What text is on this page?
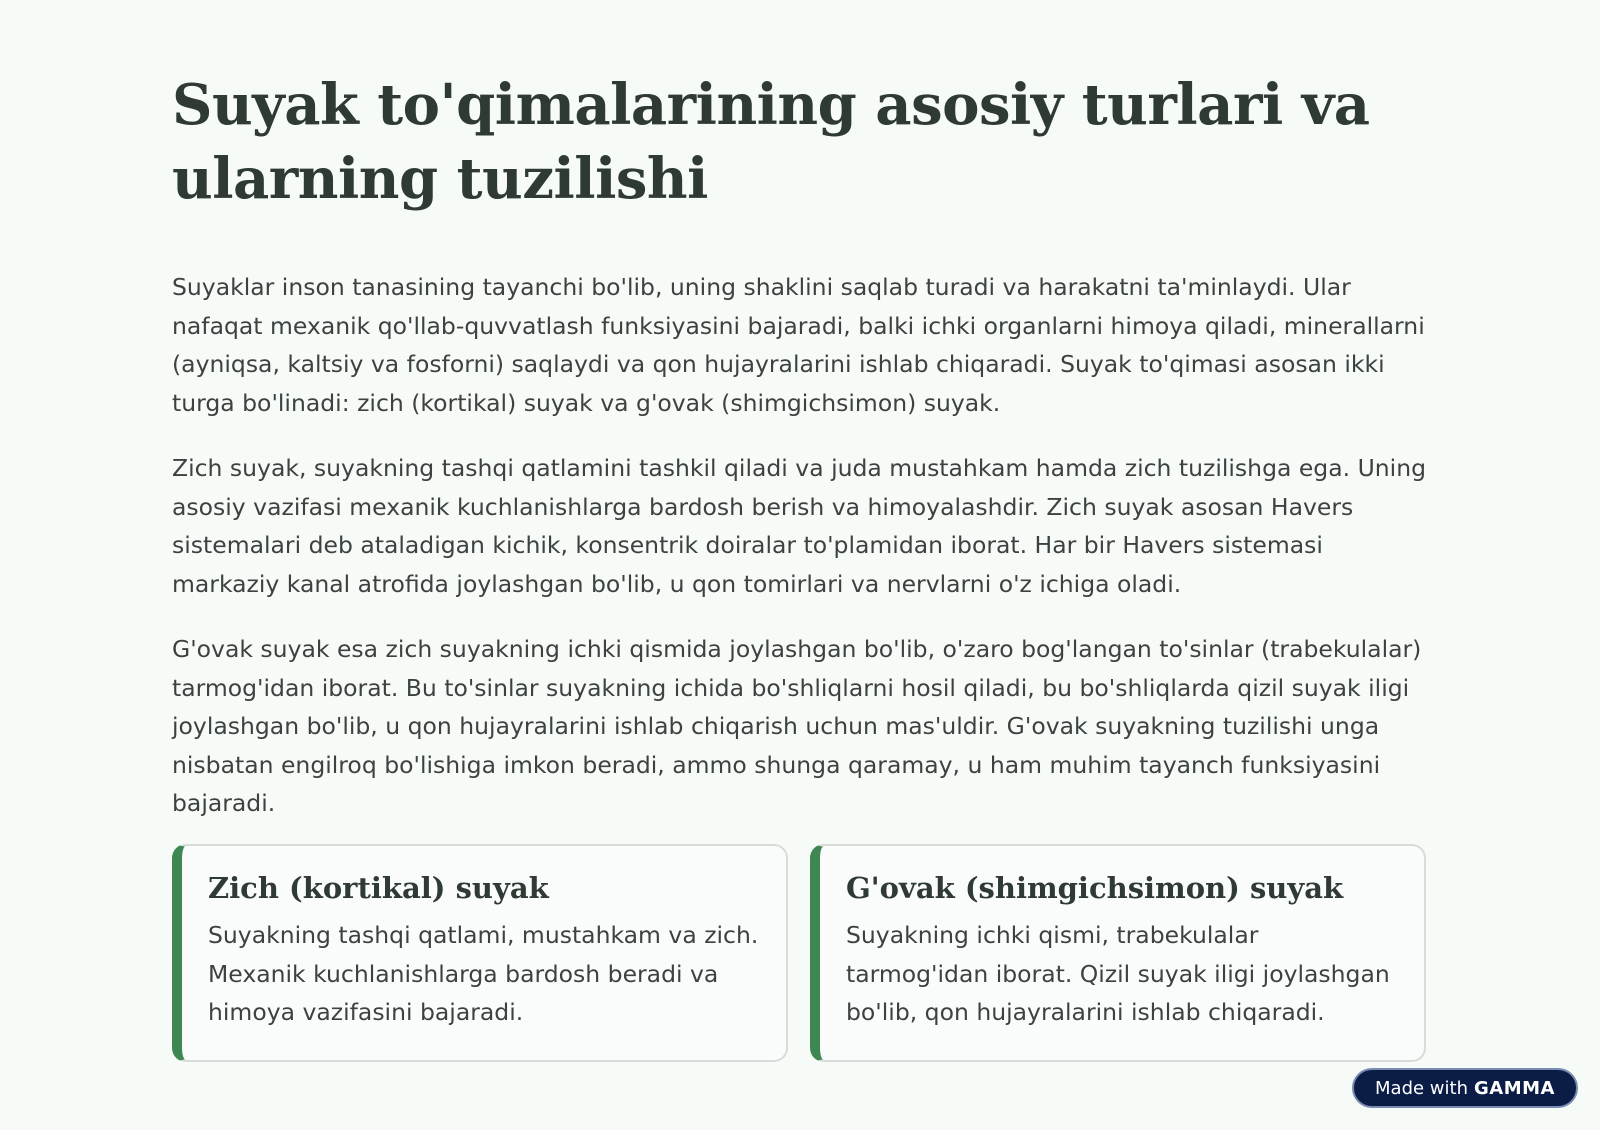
Suyak to'qimalarining asosiy turlari va ularning tuzilishi

Suyaklar inson tanasining tayanchi bo'lib, uning shaklini saqlab turadi va harakatni ta'minlaydi. Ular nafaqat mexanik qo'llab-quvvatlash funksiyasini bajaradi, balki ichki organlarni himoya qiladi, minerallarni (ayniqsa, kaltsiy va fosforni) saqlaydi va qon hujayralarini ishlab chiqaradi. Suyak to'qimasi asosan ikki turga bo'linadi: zich (kortikal) suyak va g'ovak (shimgichsimon) suyak.

Zich suyak, suyakning tashqi qatlamini tashkil qiladi va juda mustahkam hamda zich tuzilishga ega. Uning asosiy vazifasi mexanik kuchlanishlarga bardosh berish va himoyalashdir. Zich suyak asosan Havers sistemalari deb ataladigan kichik, konsentrik doiralar to'plamidan iborat. Har bir Havers sistemasi markaziy kanal atrofida joylashgan bo'lib, u qon tomirlari va nervlarni o'z ichiga oladi.

G'ovak suyak esa zich suyakning ichki qismida joylashgan bo'lib, o'zaro bog'langan to'sinlar (trabekulalar) tarmog'idan iborat. Bu to'sinlar suyakning ichida bo'shliqlarni hosil qiladi, bu bo'shliqlarda qizil suyak iligi joylashgan bo'lib, u qon hujayralarini ishlab chiqarish uchun mas'uldir. G'ovak suyakning tuzilishi unga nisbatan engilroq bo'lishiga imkon beradi, ammo shunga qaramay, u ham muhim tayanch funksiyasini bajaradi.

Zich (kortikal) suyak

Suyakning tashqi qatlami, mustahkam va zich. Mexanik kuchlanishlarga bardosh beradi va himoya vazifasini bajaradi.

G'ovak (shimgichsimon) suyak

Suyakning ichki qismi, trabekulalar tarmog'idan iborat. Qizil suyak iligi joylashgan bo'lib, qon hujayralarini ishlab chiqaradi.

Made with GAMMA
